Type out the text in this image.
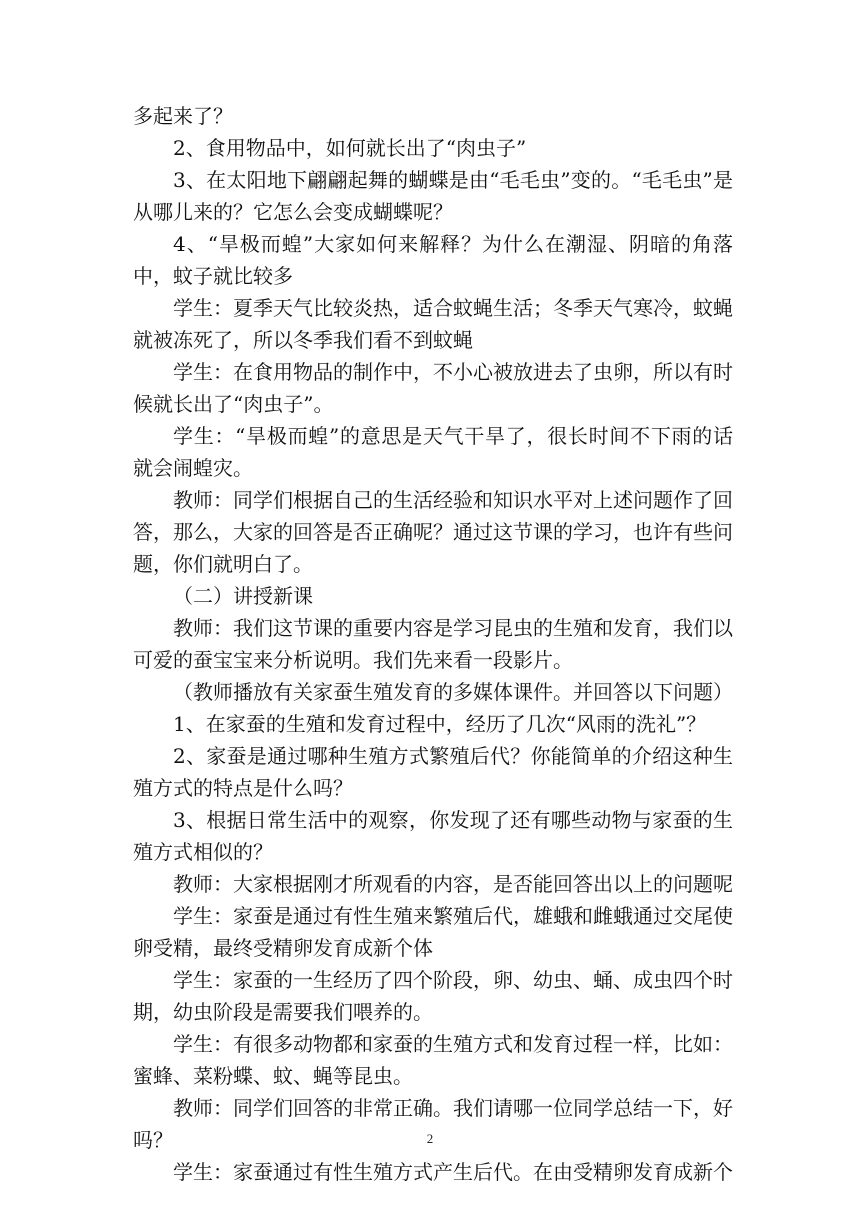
多起来了？

2、食用物品中，如何就长出了“肉虫子”

3、在太阳地下翩翩起舞的蝴蝶是由“毛毛虫”变的。“毛毛虫”是从哪儿来的？它怎么会变成蝴蝶呢？

4、“旱极而蝗”大家如何来解释？为什么在潮湿、阴暗的角落中，蚊子就比较多

学生：夏季天气比较炎热，适合蚊蝇生活；冬季天气寒冷，蚊蝇就被冻死了，所以冬季我们看不到蚊蝇

学生：在食用物品的制作中，不小心被放进去了虫卵，所以有时候就长出了“肉虫子”。

学生：“旱极而蝗”的意思是天气干旱了，很长时间不下雨的话就会闹蝗灾。

教师：同学们根据自己的生活经验和知识水平对上述问题作了回答，那么，大家的回答是否正确呢？通过这节课的学习，也许有些问题，你们就明白了。

（二）讲授新课

教师：我们这节课的重要内容是学习昆虫的生殖和发育，我们以可爱的蚕宝宝来分析说明。我们先来看一段影片。

（教师播放有关家蚕生殖发育的多媒体课件。并回答以下问题）

1、在家蚕的生殖和发育过程中，经历了几次“风雨的洗礼”？

2、家蚕是通过哪种生殖方式繁殖后代？你能简单的介绍这种生殖方式的特点是什么吗？

3、根据日常生活中的观察，你发现了还有哪些动物与家蚕的生殖方式相似的？

教师：大家根据刚才所观看的内容，是否能回答出以上的问题呢

学生：家蚕是通过有性生殖来繁殖后代，雄蛾和雌蛾通过交尾使卵受精，最终受精卵发育成新个体

学生：家蚕的一生经历了四个阶段，卵、幼虫、蛹、成虫四个时期，幼虫阶段是需要我们喂养的。

学生：有很多动物都和家蚕的生殖方式和发育过程一样，比如：蜜蜂、菜粉蝶、蚊、蝇等昆虫。

教师：同学们回答的非常正确。我们请哪一位同学总结一下，好吗？

学生：家蚕通过有性生殖方式产生后代。在由受精卵发育成新个

2
